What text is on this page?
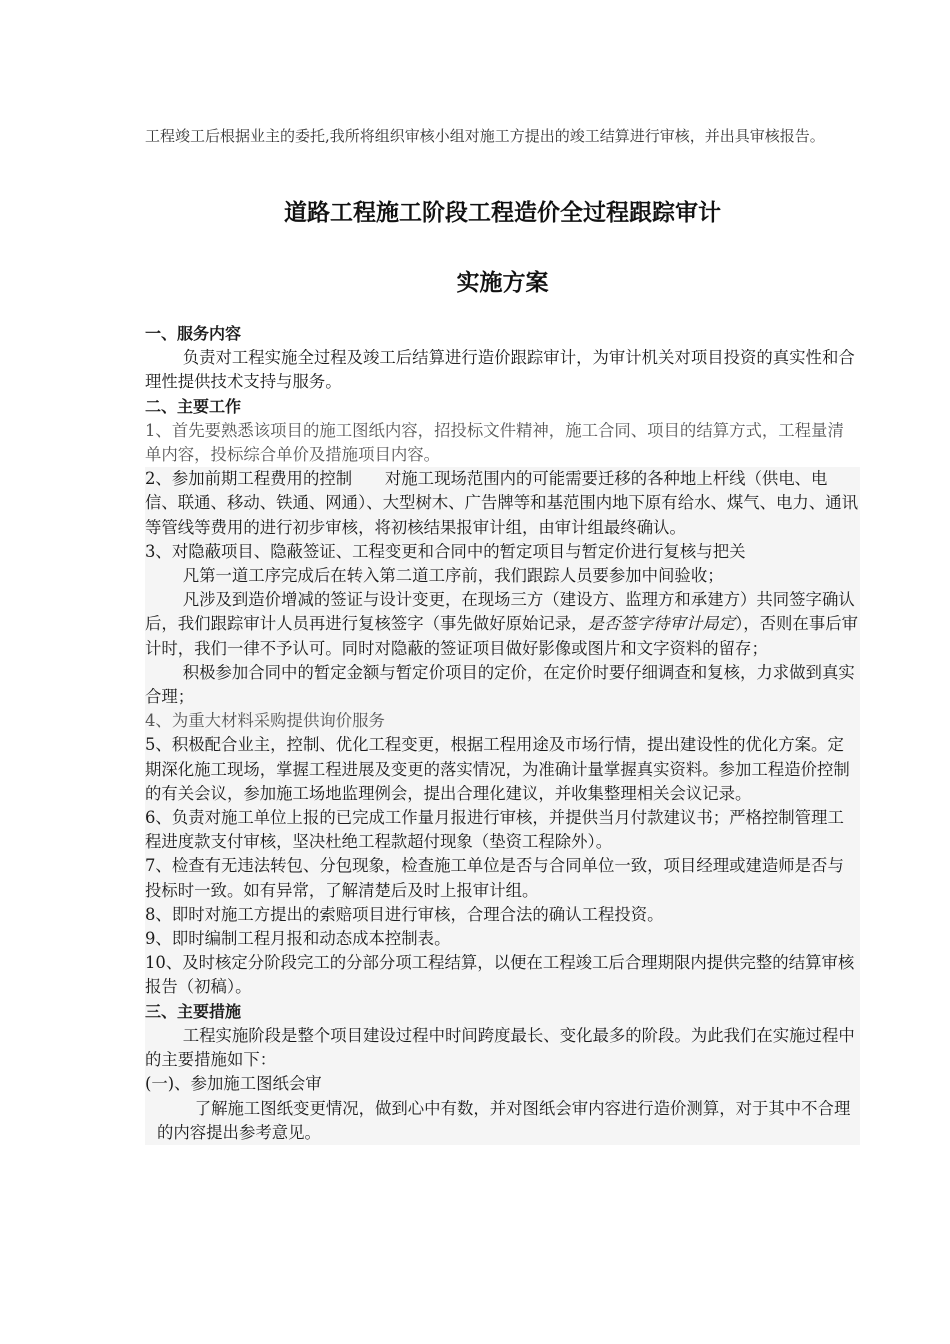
工程竣工后根据业主的委托,我所将组织审核小组对施工方提出的竣工结算进行审核，并出具审核报告。
道路工程施工阶段工程造价全过程跟踪审计
实施方案

一、服务内容

负责对工程实施全过程及竣工后结算进行造价跟踪审计，为审计机关对项目投资的真实性和合理性提供技术支持与服务。

二、主要工作

1、首先要熟悉该项目的施工图纸内容，招投标文件精神，施工合同、项目的结算方式，工程量清单内容，投标综合单价及措施项目内容。

2、参加前期工程费用的控制　　对施工现场范围内的可能需要迁移的各种地上杆线（供电、电信、联通、移动、铁通、网通）、大型树木、广告牌等和基范围内地下原有给水、煤气、电力、通讯等管线等费用的进行初步审核，将初核结果报审计组，由审计组最终确认。

3、对隐蔽项目、隐蔽签证、工程变更和合同中的暂定项目与暂定价进行复核与把关

凡第一道工序完成后在转入第二道工序前，我们跟踪人员要参加中间验收；

凡涉及到造价增减的签证与设计变更，在现场三方（建设方、监理方和承建方）共同签字确认后，我们跟踪审计人员再进行复核签字（事先做好原始记录，是否签字待审计局定），否则在事后审计时，我们一律不予认可。同时对隐蔽的签证项目做好影像或图片和文字资料的留存；

积极参加合同中的暂定金额与暂定价项目的定价，在定价时要仔细调查和复核，力求做到真实合理；

4、为重大材料采购提供询价服务

5、积极配合业主，控制、优化工程变更，根据工程用途及市场行情，提出建设性的优化方案。定期深化施工现场，掌握工程进展及变更的落实情况，为准确计量掌握真实资料。参加工程造价控制的有关会议，参加施工场地监理例会，提出合理化建议，并收集整理相关会议记录。

6、负责对施工单位上报的已完成工作量月报进行审核，并提供当月付款建议书；严格控制管理工程进度款支付审核，坚决杜绝工程款超付现象（垫资工程除外）。

7、检查有无违法转包、分包现象，检查施工单位是否与合同单位一致，项目经理或建造师是否与投标时一致。如有异常，了解清楚后及时上报审计组。

8、即时对施工方提出的索赔项目进行审核，合理合法的确认工程投资。

9、即时编制工程月报和动态成本控制表。

10、及时核定分阶段完工的分部分项工程结算，以便在工程竣工后合理期限内提供完整的结算审核报告（初稿）。

三、主要措施

工程实施阶段是整个项目建设过程中时间跨度最长、变化最多的阶段。为此我们在实施过程中的主要措施如下：

(一)、参加施工图纸会审

了解施工图纸变更情况，做到心中有数，并对图纸会审内容进行造价测算，对于其中不合理的内容提出参考意见。
